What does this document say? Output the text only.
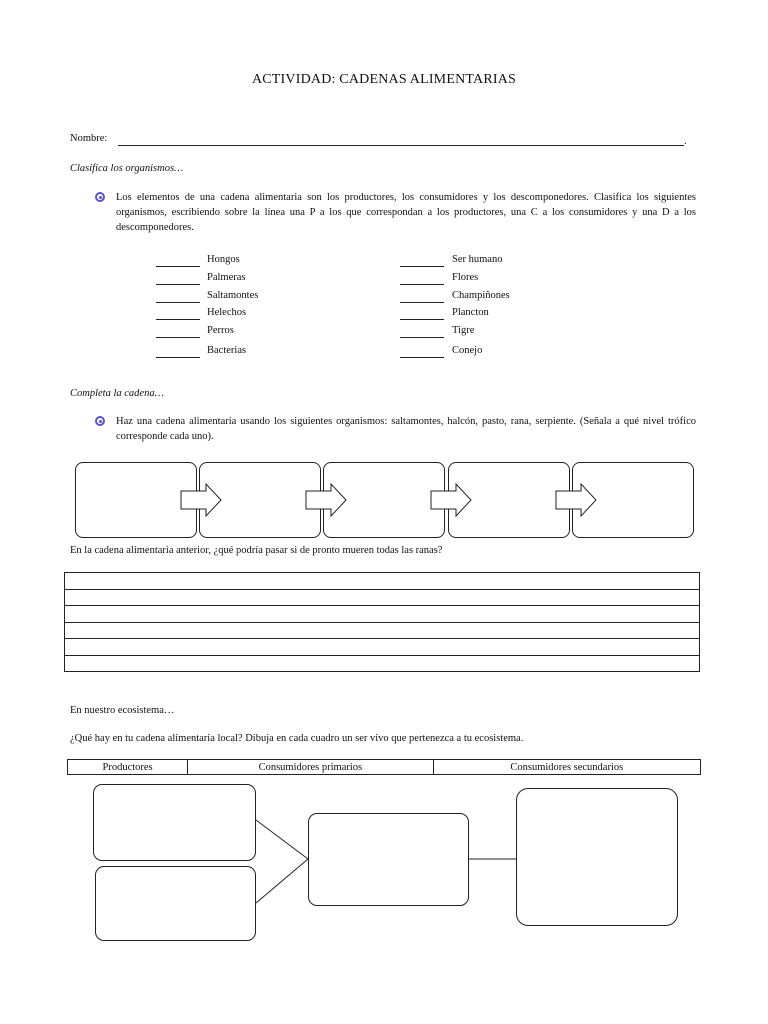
ACTIVIDAD: CADENAS ALIMENTARIAS
Nombre:	.
Clasifica los organismos…
Los elementos de una cadena alimentaria son los productores, los consumidores y los descomponedores. Clasifica los siguientes organismos, escribiendo sobre la línea una P a los que correspondan a los productores, una C a los consumidores y una D a los descomponedores.
Hongos
Palmeras
Saltamontes
Helechos
Perros
Bacterias
Ser humano
Flores
Champiñones
Plancton
Tigre
Conejo
Completa la cadena…
Haz una cadena alimentaria usando los siguientes organismos: saltamontes, halcón, pasto, rana, serpiente. (Señala a qué nivel trófico corresponde cada uno).
En la cadena alimentaria anterior, ¿qué podría pasar si de pronto mueren todas las ranas?

En nuestro ecosistema…
¿Qué hay en tu cadena alimentaria local? Dibuja en cada cuadro un ser vivo que pertenezca a tu ecosistema.
Productores	Consumidores primarios	Consumidores secundarios
